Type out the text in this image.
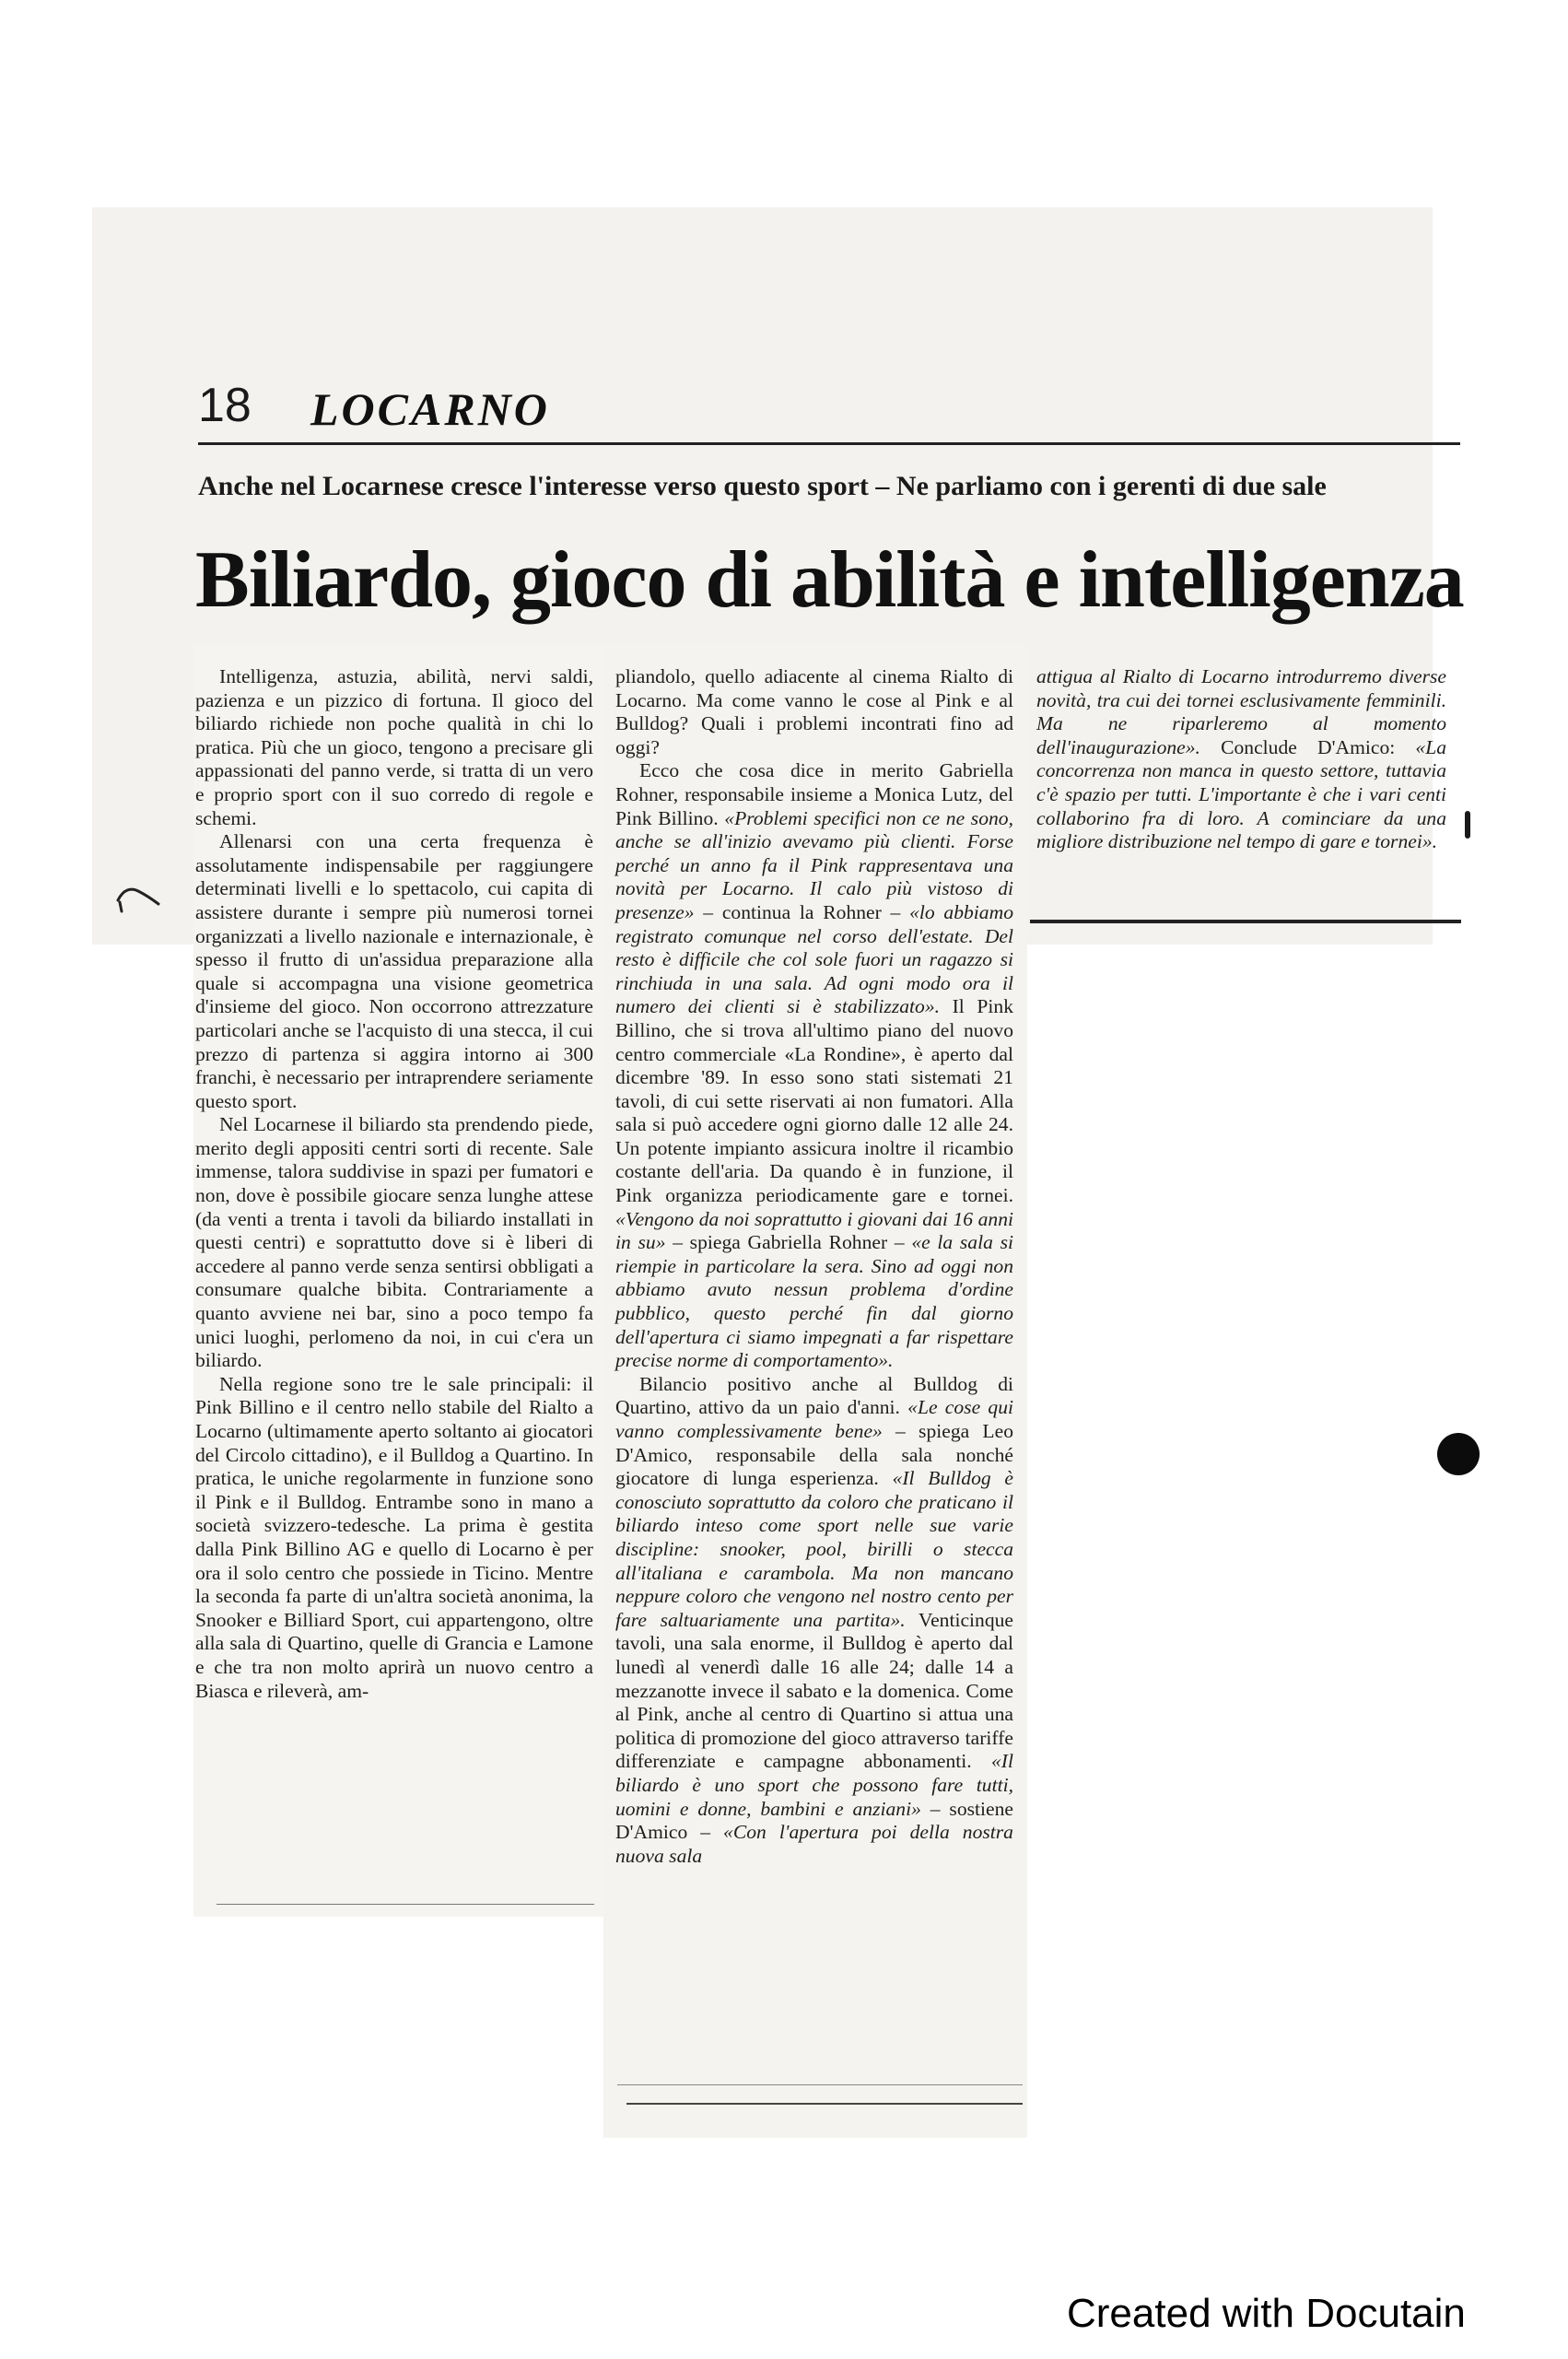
18 LOCARNO
Anche nel Locarnese cresce l'interesse verso questo sport – Ne parliamo con i gerenti di due sale
Biliardo, gioco di abilità e intelligenza

Intelligenza, astuzia, abilità, nervi saldi, pazienza e un pizzico di fortuna. Il gioco del biliardo richiede non poche qualità in chi lo pratica. Più che un gioco, tengono a precisare gli appassionati del panno verde, si tratta di un vero e proprio sport con il suo corredo di regole e schemi.

Allenarsi con una certa frequenza è assolutamente indispensabile per raggiungere determinati livelli e lo spettacolo, cui capita di assistere durante i sempre più numerosi tornei organizzati a livello nazionale e internazionale, è spesso il frutto di un'assidua preparazione alla quale si accompagna una visione geometrica d'insieme del gioco. Non occorrono attrezzature particolari anche se l'acquisto di una stecca, il cui prezzo di partenza si aggira intorno ai 300 franchi, è necessario per intraprendere seriamente questo sport.

Nel Locarnese il biliardo sta prendendo piede, merito degli appositi centri sorti di recente. Sale immense, talora suddivise in spazi per fumatori e non, dove è possibile giocare senza lunghe attese (da venti a trenta i tavoli da biliardo installati in questi centri) e soprattutto dove si è liberi di accedere al panno verde senza sentirsi obbligati a consumare qualche bibita. Contrariamente a quanto avviene nei bar, sino a poco tempo fa unici luoghi, perlomeno da noi, in cui c'era un biliardo.

Nella regione sono tre le sale principali: il Pink Billino e il centro nello stabile del Rialto a Locarno (ultimamente aperto soltanto ai giocatori del Circolo cittadino), e il Bulldog a Quartino. In pratica, le uniche regolarmente in funzione sono il Pink e il Bulldog. Entrambe sono in mano a società svizzero-tedesche. La prima è gestita dalla Pink Billino AG e quello di Locarno è per ora il solo centro che possiede in Ticino. Mentre la seconda fa parte di un'altra società anonima, la Snooker e Billiard Sport, cui appartengono, oltre alla sala di Quartino, quelle di Grancia e Lamone e che tra non molto aprirà un nuovo centro a Biasca e rileverà, am-

pliandolo, quello adiacente al cinema Rialto di Locarno. Ma come vanno le cose al Pink e al Bulldog? Quali i problemi incontrati fino ad oggi?

Ecco che cosa dice in merito Gabriella Rohner, responsabile insieme a Monica Lutz, del Pink Billino. «Problemi specifici non ce ne sono, anche se all'inizio avevamo più clienti. Forse perché un anno fa il Pink rappresentava una novità per Locarno. Il calo più vistoso di presenze» – continua la Rohner – «lo abbiamo registrato comunque nel corso dell'estate. Del resto è difficile che col sole fuori un ragazzo si rinchiuda in una sala. Ad ogni modo ora il numero dei clienti si è stabilizzato». Il Pink Billino, che si trova all'ultimo piano del nuovo centro commerciale «La Rondine», è aperto dal dicembre '89. In esso sono stati sistemati 21 tavoli, di cui sette riservati ai non fumatori. Alla sala si può accedere ogni giorno dalle 12 alle 24. Un potente impianto assicura inoltre il ricambio costante dell'aria. Da quando è in funzione, il Pink organizza periodicamente gare e tornei. «Vengono da noi soprattutto i giovani dai 16 anni in su» – spiega Gabriella Rohner – «e la sala si riempie in particolare la sera. Sino ad oggi non abbiamo avuto nessun problema d'ordine pubblico, questo perché fin dal giorno dell'apertura ci siamo impegnati a far rispettare precise norme di comportamento».

Bilancio positivo anche al Bulldog di Quartino, attivo da un paio d'anni. «Le cose qui vanno complessivamente bene» – spiega Leo D'Amico, responsabile della sala nonché giocatore di lunga esperienza. «Il Bulldog è conosciuto soprattutto da coloro che praticano il biliardo inteso come sport nelle sue varie discipline: snooker, pool, birilli o stecca all'italiana e carambola. Ma non mancano neppure coloro che vengono nel nostro cento per fare saltuariamente una partita». Venticinque tavoli, una sala enorme, il Bulldog è aperto dal lunedì al venerdì dalle 16 alle 24; dalle 14 a mezzanotte invece il sabato e la domenica. Come al Pink, anche al centro di Quartino si attua una politica di promozione del gioco attraverso tariffe differenziate e campagne abbonamenti. «Il biliardo è uno sport che possono fare tutti, uomini e donne, bambini e anziani» – sostiene D'Amico – «Con l'apertura poi della nostra nuova sala

attigua al Rialto di Locarno introdurremo diverse novità, tra cui dei tornei esclusivamente femminili. Ma ne riparleremo al momento dell'inaugurazione». Conclude D'Amico: «La concorrenza non manca in questo settore, tuttavia c'è spazio per tutti. L'importante è che i vari centi collaborino fra di loro. A cominciare da una migliore distribuzione nel tempo di gare e tornei».

Created with Docutain
